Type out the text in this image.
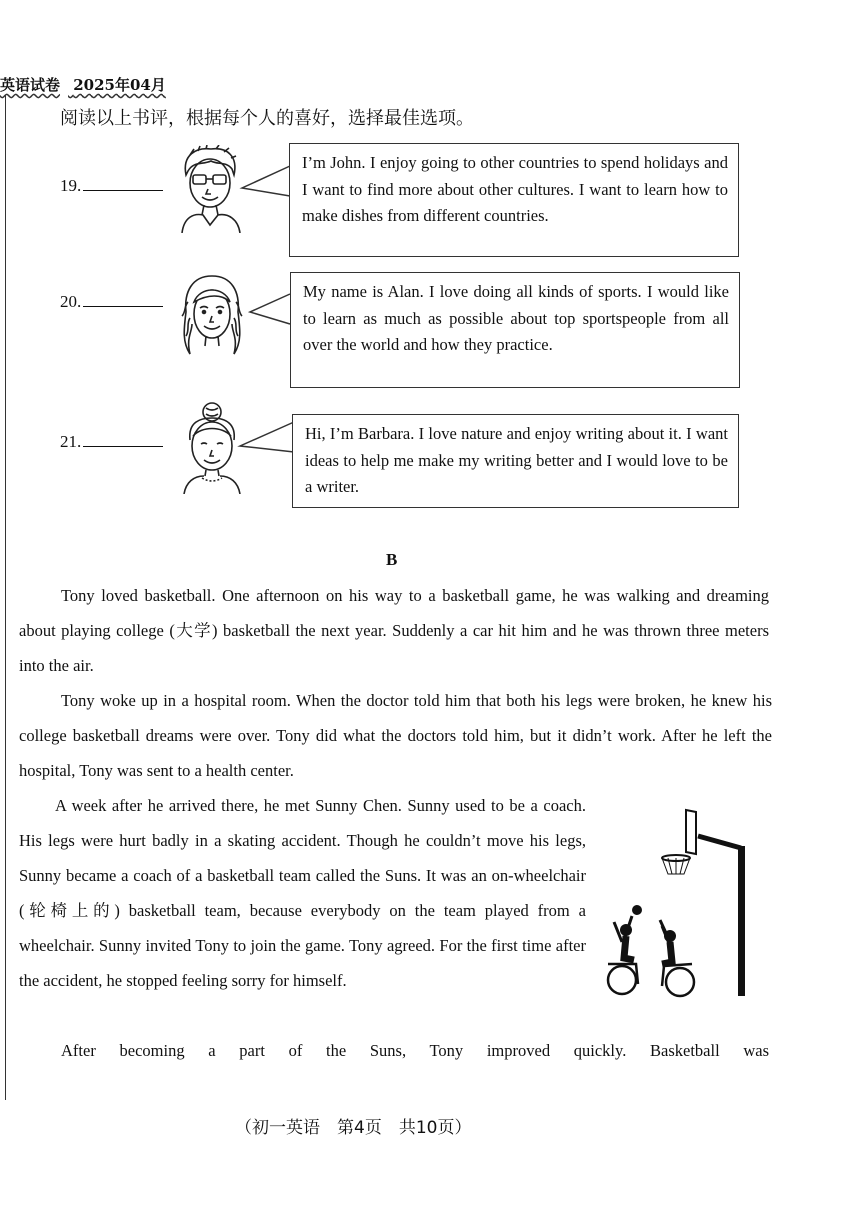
英语试卷 2025年04月
阅读以上书评，根据每个人的喜好，选择最佳选项。
19.
I’m John. I enjoy going to other countries to spend holidays and I want to find more about other cultures. I want to learn how to make dishes from different countries.
20.
My name is Alan. I love doing all kinds of sports. I would like to learn as much as possible about top sportspeople from all over the world and how they practice.
21.	Hi, I’m Barbara. I love nature and enjoy writing about it. I want ideas to help me make my writing better and I would love to be a writer.
B
Tony loved basketball. One afternoon on his way to a basketball game, he was walking and dreaming about playing college (大学) basketball the next year. Suddenly a car hit him and he was thrown three meters into the air.
Tony woke up in a hospital room. When the doctor told him that both his legs were broken, he knew his college basketball dreams were over. Tony did what the doctors told him, but it didn’t work. After he left the hospital, Tony was sent to a health center.
A week after he arrived there, he met Sunny Chen. Sunny used to be a coach. His legs were hurt badly in a skating accident. Though he couldn’t move his legs, Sunny became a coach of a basketball team called the Suns. It was an on-wheelchair (轮椅上的) basketball team, because everybody on the team played from a wheelchair. Sunny invited Tony to join the game. Tony agreed. For the first time after the accident, he stopped feeling sorry for himself.
After becoming a part of the Suns, Tony improved quickly. Basketball was
（初一英语　第4页　共10页）
